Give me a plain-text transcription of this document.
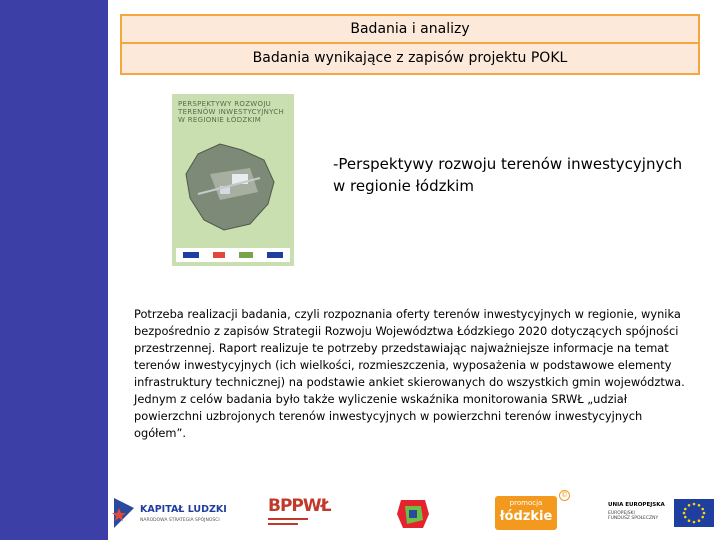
Badania i analizy
Badania wynikające z zapisów projektu POKL
PERSPEKTYWY ROZWOJU
TERENÓW INWESTYCYJNYCH
W REGIONIE ŁÓDZKIM
-Perspektywy rozwoju terenów inwestycyjnych
w regionie łódzkim
Potrzeba realizacji badania, czyli rozpoznania oferty terenów inwestycyjnych w regionie, wynika bezpośrednio z zapisów Strategii Rozwoju Województwa Łódzkiego 2020 dotyczących spójności przestrzennej. Raport realizuje te potrzeby przedstawiając najważniejsze informacje na temat terenów inwestycyjnych (ich wielkości, rozmieszczenia, wyposażenia w podstawowe elementy infrastruktury technicznej) na podstawie ankiet skierowanych do wszystkich gmin województwa. Jednym z celów badania było także wyliczenie wskaźnika monitorowania SRWŁ „udział powierzchni uzbrojonych terenów inwestycyjnych w powierzchni terenów inwestycyjnych ogółem”.
KAPITAŁ LUDZKI
NARODOWA STRATEGIA SPÓJNOŚCI
BPPWŁ	promocja
łódzkie
©
UNIA EUROPEJSKA
EUROPEJSKI
FUNDUSZ SPOŁECZNY
